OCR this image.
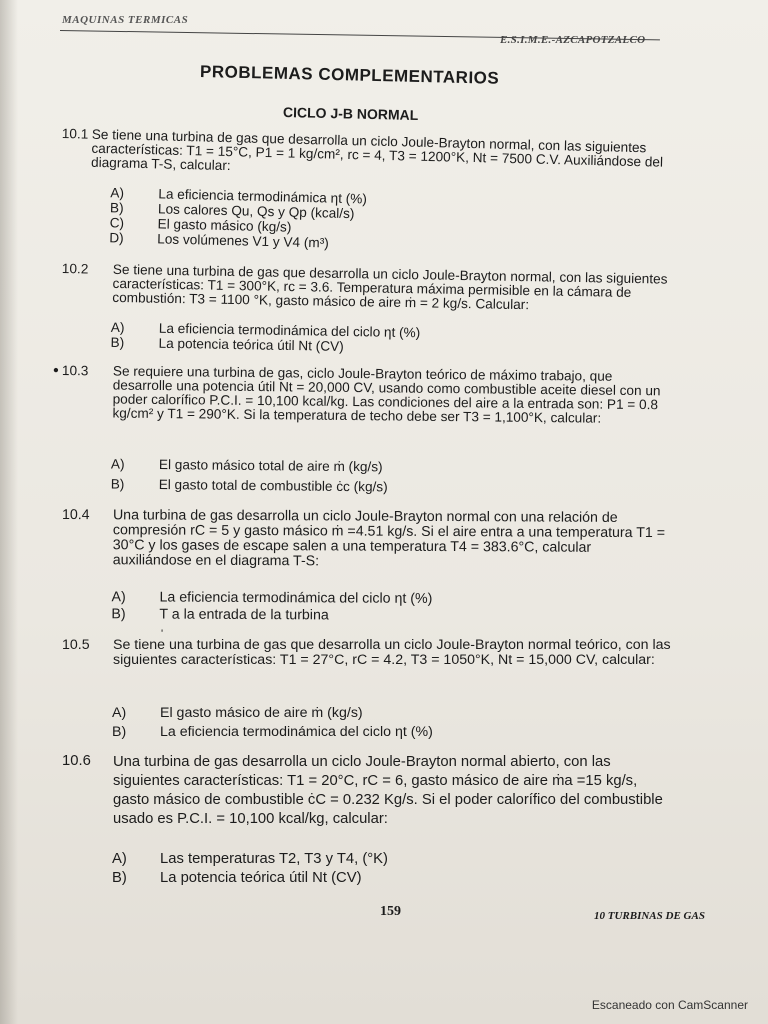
MAQUINAS TERMICAS
E.S.I.M.E.-AZCAPOTZALCO
PROBLEMAS COMPLEMENTARIOS
CICLO J-B NORMAL
10.1 Se tiene una turbina de gas que desarrolla un ciclo Joule-Brayton normal, con las siguientes características: T1 = 15°C, P1 = 1 kg/cm², rc = 4, T3 = 1200°K, Nt = 7500 C.V. Auxiliándose del diagrama T-S, calcular:
A)	La eficiencia termodinámica ηt (%)
B)	Los calores Qu, Qs y Qp (kcal/s)
C)	El gasto másico (kg/s)
D)	Los volúmenes V1 y V4 (m³)
10.2	Se tiene una turbina de gas que desarrolla un ciclo Joule-Brayton normal, con las siguientes características: T1 = 300°K, rc = 3.6. Temperatura máxima permisible en la cámara de combustión: T3 = 1100 °K, gasto másico de aire ṁ = 2 kg/s. Calcular:
A)	La eficiencia termodinámica del ciclo ηt (%)
B)	La potencia teórica útil Nt (CV)
● 10.3	Se requiere una turbina de gas, ciclo Joule-Brayton teórico de máximo trabajo, que desarrolle una potencia útil Nt = 20,000 CV, usando como combustible aceite diesel con un poder calorífico P.C.I. = 10,100 kcal/kg. Las condiciones del aire a la entrada son: P1 = 0.8 kg/cm² y T1 = 290°K. Si la temperatura de techo debe ser T3 = 1,100°K, calcular:
A)	El gasto másico total de aire ṁ (kg/s)
B)	El gasto total de combustible ċc (kg/s)
10.4	Una turbina de gas desarrolla un ciclo Joule-Brayton normal con una relación de compresión rC = 5 y gasto másico ṁ =4.51 kg/s. Si el aire entra a una temperatura T1 = 30°C y los gases de escape salen a una temperatura T4 = 383.6°C, calcular auxiliándose en el diagrama T-S:
A)	La eficiencia termodinámica del ciclo ηt (%)
B)	T a la entrada de la turbina
'
10.5	Se tiene una turbina de gas que desarrolla un ciclo Joule-Brayton normal teórico, con las siguientes características: T1 = 27°C, rC = 4.2, T3 = 1050°K, Nt = 15,000 CV, calcular:
A)	El gasto másico de aire ṁ (kg/s)
B)	La eficiencia termodinámica del ciclo ηt (%)
10.6	Una turbina de gas desarrolla un ciclo Joule-Brayton normal abierto, con las siguientes características: T1 = 20°C, rC = 6, gasto másico de aire ṁa =15 kg/s, gasto másico de combustible ċC = 0.232 Kg/s. Si el poder calorífico del combustible usado es P.C.I. = 10,100 kcal/kg, calcular:
A)	Las temperaturas T2, T3 y T4, (°K)
B)	La potencia teórica útil Nt (CV)
159	10 TURBINAS DE GAS
Escaneado con CamScanner
